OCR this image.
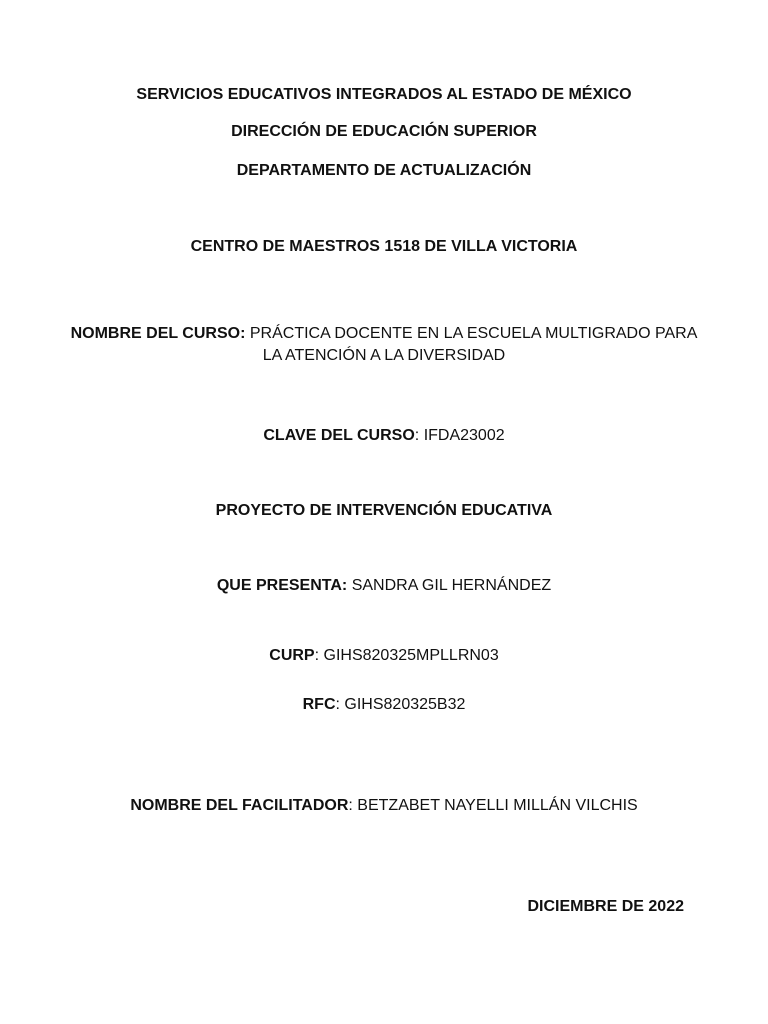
SERVICIOS EDUCATIVOS INTEGRADOS AL ESTADO DE MÉXICO
DIRECCIÓN DE EDUCACIÓN SUPERIOR
DEPARTAMENTO DE ACTUALIZACIÓN
CENTRO DE MAESTROS 1518 DE VILLA VICTORIA
NOMBRE DEL CURSO: PRÁCTICA DOCENTE EN LA ESCUELA MULTIGRADO PARA LA ATENCIÓN A LA DIVERSIDAD
CLAVE DEL CURSO: IFDA23002
PROYECTO DE INTERVENCIÓN EDUCATIVA
QUE PRESENTA: SANDRA GIL HERNÁNDEZ
CURP: GIHS820325MPLLRN03
RFC: GIHS820325B32
NOMBRE DEL FACILITADOR: BETZABET NAYELLI MILLÁN VILCHIS
DICIEMBRE DE 2022
